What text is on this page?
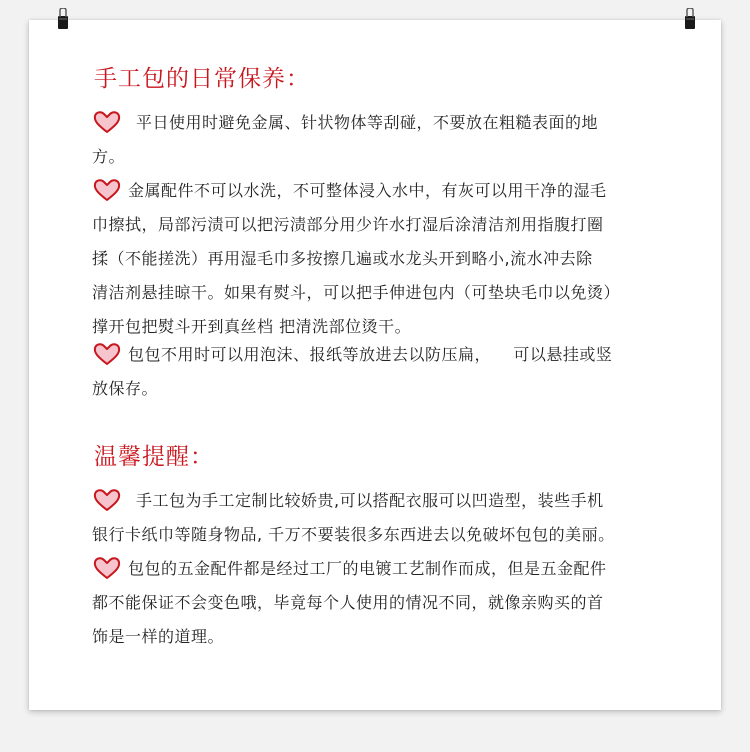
手工包的日常保养：
平日使用时避免金属、针状物体等刮碰，不要放在粗糙表面的地
方。
金属配件不可以水洗，不可整体浸入水中，有灰可以用干净的湿毛
巾擦拭，局部污渍可以把污渍部分用少许水打湿后涂清洁剂用指腹打圈
揉（不能搓洗）再用湿毛巾多按擦几遍或水龙头开到略小,流水冲去除
清洁剂悬挂晾干。如果有熨斗，可以把手伸进包内（可垫块毛巾以免烫）
撑开包把熨斗开到真丝档 把清洗部位烫干。
包包不用时可以用泡沫、报纸等放进去以防压扁，    可以悬挂或竖
放保存。
温馨提醒：
手工包为手工定制比较娇贵,可以搭配衣服可以凹造型，装些手机
银行卡纸巾等随身物品, 千万不要装很多东西进去以免破坏包包的美丽。
包包的五金配件都是经过工厂的电镀工艺制作而成，但是五金配件
都不能保证不会变色哦，毕竟每个人使用的情况不同，就像亲购买的首
饰是一样的道理。
